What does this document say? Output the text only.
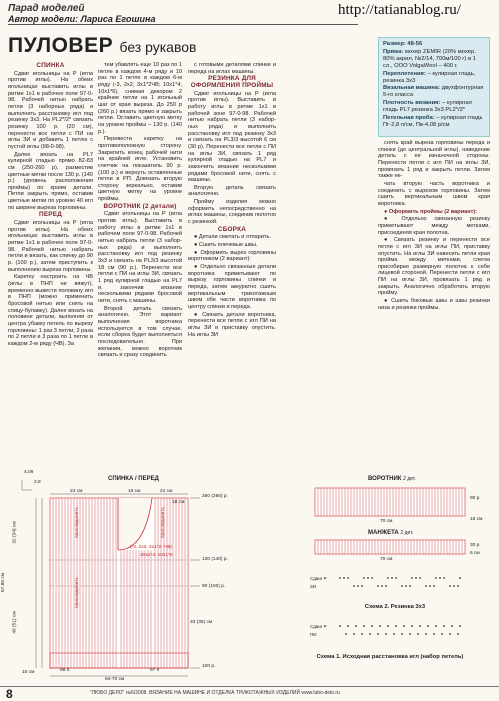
Парад моделей
Автор модели: Лариса Егошина
http://tatianablog.ru/
ПУЛОВЕР без рукавов
СПИНКА

Сдвиг игольницы на Р (игла против иглы). На обеих игольницах выставить иглы в ритме 1х1 в рабочее поле 97-0-98. Рабочей нитью набрать петли (3 наборных ряда) и выполнить расстановку игл под резинку 3х3. На PL2*/2* связать резинку 100 р. (20 см), перенести все петли с ПИ на иглы ЗИ и добавить 1 петлю с пустой иглы (98-0-98).

Далее вязать на PL7 кулирной гладью прямо 82-83 см (250-260 р), разместив цветные метки после 130 р. (140 р.) (уровень расположения проймы) по краям детали. Петли закрыть прямо, оставив цветные метки по уровню 40 игл по ширине выреза горловины.

ПЕРЕД

Сдвиг игольницы на Р (игла против иглы). На обеих игольницах выставить иглы в ритме 1х1 в рабочее поле 97-0-98. Рабочей нитью набрать петли и вязать, как спинку до 90 р. (100 р.), затем приступить к выполнению выреза горловины.

Каретку настроить на ЧВ (иглы в ПНП не вяжут), временно вывести половину игл в ПНП (можно применить бросовой нитью или снять на спицу-булавку). Далее вязать на половине детали, выполняя от центра убавку петель по вырезу горловины: 1 раз 3 петли, 2 раза по 2 петли и 3 раза по 1 петле в каждом 2-м ряду (ЧВ). За

тем убавлять еще 10 раз по 1 петле в каждом 4-м ряду и 10 раз по 1 петле в каждом 6-м ряду (-3, 2х2, 3х1*2ЧВ; 10х1*4; 10х1*6), снимая декором 2 крайние петли на 1 игольный шаг от края выреза. До 250 р (260 р.) вязать прямо и закрыть петли. Оставить цветную метку на уровне проймы – 130 р. (140 р.).

Перевести каретку на противоположную сторону. Закрепить конец рабочей нити на крайней игле. Установить счетчик на показатель 90 р. (100 р.) и вернуть оставленные петли в РП. Довязать вторую сторону зеркально, оставив цветную метку на уровне проймы.

ВОРОТНИК (2 детали)

Сдвиг игольницы на Р (игла против иглы). Выставить в работу иглы в ритме 1х1 в рабочем поле 97-0-98. Рабочей нитью набрать петли (3 наборных ряда) и выполнить расстановку игл под резинку 3х3 и связать на PL3/3 высотой 18 см (90 р.). Перенести все петли с ПИ на иглы ЗИ, связать 1 ряд кулирной гладью на PL7 и, закончив вязание несколькими рядами бросовой нити, снять с машины.

Второй деталь связать аналогично. Этот вариант выполнения воротника используется в том случае, если сборка будет выполняться последовательно. При желании, можно воротник связать и сразу соединить

с готовыми деталями спинки и переда на иглах машины.

РЕЗИНКА ДЛЯ ОФОРМЛЕНИЯ ПРОЙМЫ

Сдвиг игольницы на Р (игла против иглы). Выставить в работу иглы в ритме 1х1 в рабочей зоне 97-0-98. Рабочей нитью набрать петли (3 наборных ряда) и выполнить расстановку игл под резинку 3х3 и связать на PL3/3 высотой 6 см (30 р). Перенести все петли с ПИ на иглы ЗИ, связать 1 ряд кулирной гладью на PL7 и закончить вязание несколькими рядами бросовой нити, снять с машины.

Вторую деталь связать аналогично.

Пройму изделия можно оформить непосредственно на иглах машины, соединив полотно с резинкой.

СБОРКА

● Детали сметать и отпарить.

● Сшить плечевые швы.

● Оформить вырез горловины воротником (2 вариант):

● Отдельно связанные детали воротника приметывают по вырезу горловины спинки и переда, затем аккуратно сшить вертикальным трикотажным швом обе части воротника по центру спинки и переда.

● Связать детали воротника, перенести все петли с игл ПИ на иглы ЗИ и приставку опустить. На иглы ЗИ

Размер: 48-56
Пряжа: мохер ZEMIR (20% мохер, 80% акрил, №2/14, 700м/100 г) в 1 сл., ООО VolgaWool – 400 г.
Переплетения: – кулирная гладь, резинка 3х3
Вязальная машина: двухфонтурная 5-го класса
Плотность вязания: – кулирная гладь PL7 резинка 3х3 PL2*/2*
Петельная проба: – кулирная гладь Пг-2,8 п/см, Пв-4,08 р/см

снять край выреза горловины переда и спинки (до центральной иглы), наведение деталь с ее изнаночной стороны. Перенести петли с игл ПИ на иглы ЗИ, провязать 1 ряд и закрыть петли. Затем также не-

чать вторую часть воротника и соединить с вырезом горловины. Затем сшить вертикальным швом края воротника.

● Оформить проймы (2 вариант):

● Отдельно связанную резинку приметывают между метками, присоединяя края полотна.

● Связать резинку и перенести все петли с игл ЗИ на иглы ПИ, приставку опустить. На иглы ЗИ навесить петли края пройма между метками, слегка присобирая разверную полотна к себе лицевой стороной. Перенести петли с игл ПИ на иглы ЗИ, провязать 1 ряд и закрыть. Аналогично обработать вторую пройму.

● Сшить боковые швы и швы резинки низа и резинки проймы.

СПИНКА / ПЕРЕД	ВОРОТНИК 2 дет.
МАНЖЕТА 2 дет.
4,08
2,8
24 см	16 см	24 см
250 (260) р.
130 (140) р.
90 (100) р.
100 р.
18 см
32 (34) см
49 (51) см
67,85 см
10 см
33 (35) см
(-3, 2х2, 3х1*2 -ЧВ)
10х1*4; 10х1*6
98 п.	97 п
64-70 см
присоединить	присоединить
присоединить
90 р.
70 см
30 р.
70 см
18 см
6 см
Сдвиг Р
ЗИ
Схема 2. Резинка 3х3
Сдвиг Р
ПИ
Схема 1. Исходная расстановка игл (набор петель)
8	"ЛЮБО ДЕЛО" №6/2008. ВЯЗАНИЕ НА МАШИНЕ И ОТДЕЛКА ТРИКОТАЖНЫХ ИЗДЕЛИЙ www.lubo-delo.ru
